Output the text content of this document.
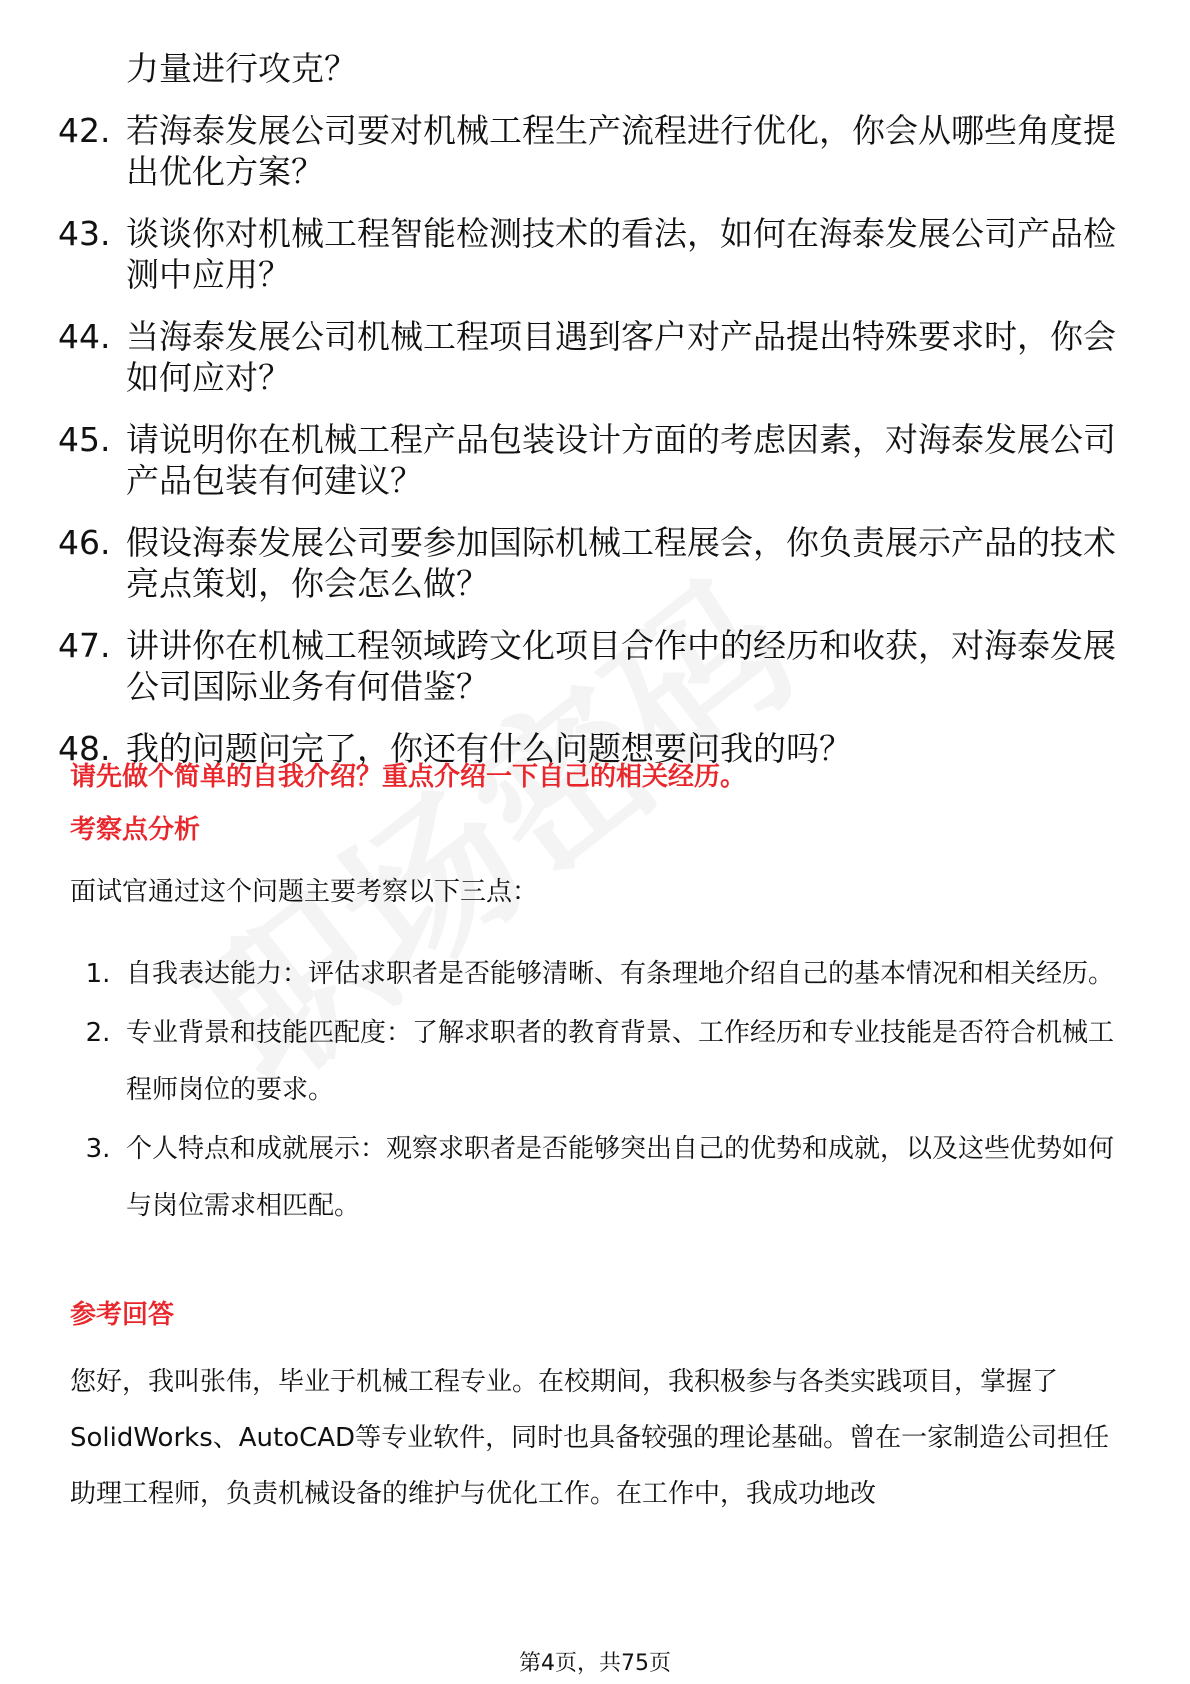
力量进行攻克？
42. 若海泰发展公司要对机械工程生产流程进行优化，你会从哪些角度提出优化方案？
43. 谈谈你对机械工程智能检测技术的看法，如何在海泰发展公司产品检测中应用？
44. 当海泰发展公司机械工程项目遇到客户对产品提出特殊要求时，你会如何应对？
45. 请说明你在机械工程产品包装设计方面的考虑因素，对海泰发展公司产品包装有何建议？
46. 假设海泰发展公司要参加国际机械工程展会，你负责展示产品的技术亮点策划，你会怎么做？
47. 讲讲你在机械工程领域跨文化项目合作中的经历和收获，对海泰发展公司国际业务有何借鉴？
48. 我的问题问完了，你还有什么问题想要问我的吗？

请先做个简单的自我介绍？重点介绍一下自己的相关经历。

考察点分析

面试官通过这个问题主要考察以下三点：

1. 自我表达能力：评估求职者是否能够清晰、有条理地介绍自己的基本情况和相关经历。
2. 专业背景和技能匹配度：了解求职者的教育背景、工作经历和专业技能是否符合机械工程师岗位的要求。
3. 个人特点和成就展示：观察求职者是否能够突出自己的优势和成就，以及这些优势如何与岗位需求相匹配。

参考回答

您好，我叫张伟，毕业于机械工程专业。在校期间，我积极参与各类实践项目，掌握了SolidWorks、AutoCAD等专业软件，同时也具备较强的理论基础。曾在一家制造公司担任助理工程师，负责机械设备的维护与优化工作。在工作中，我成功地改

第4页，共75页
